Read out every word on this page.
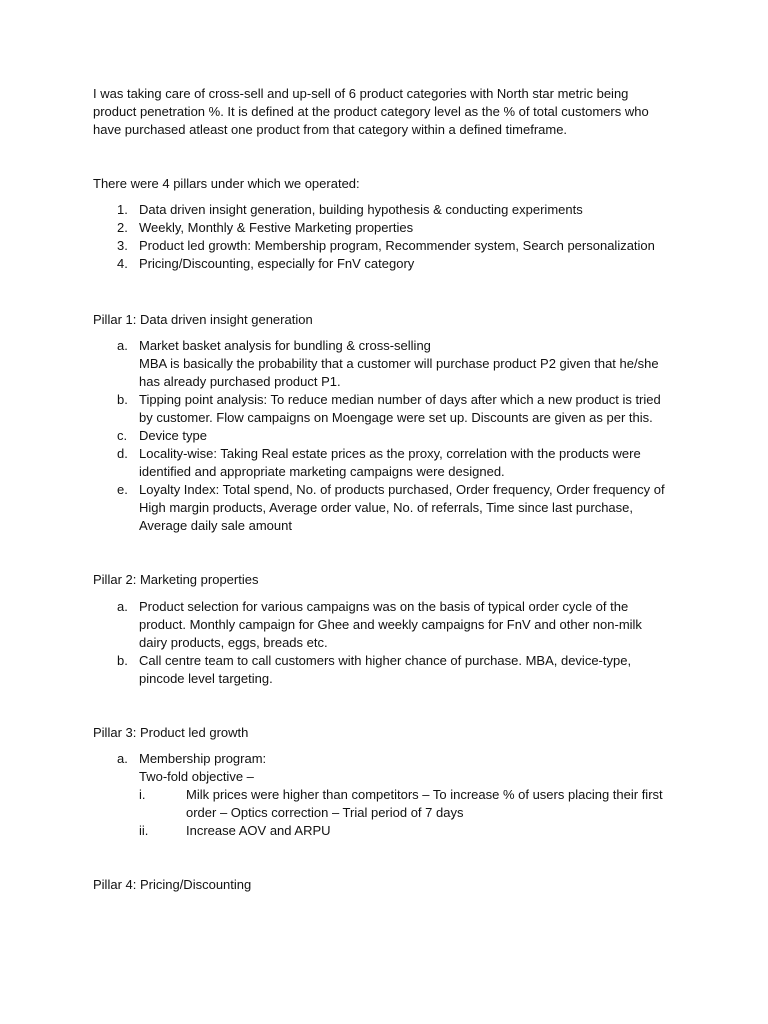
I was taking care of cross-sell and up-sell of 6 product categories with North star metric being

product penetration %. It is defined at the product category level as the % of total customers who

have purchased atleast one product from that category within a defined timeframe.

There were 4 pillars under which we operated:

1. Data driven insight generation, building hypothesis & conducting experiments
2. Weekly, Monthly & Festive Marketing properties
3. Product led growth: Membership program, Recommender system, Search personalization
4. Pricing/Discounting, especially for FnV category

Pillar 1: Data driven insight generation

a. Market basket analysis for bundling & cross-selling

MBA is basically the probability that a customer will purchase product P2 given that he/she

has already purchased product P1.

b. Tipping point analysis: To reduce median number of days after which a new product is tried

by customer. Flow campaigns on Moengage were set up. Discounts are given as per this.

c. Device type

d. Locality-wise: Taking Real estate prices as the proxy, correlation with the products were

identified and appropriate marketing campaigns were designed.

e. Loyalty Index: Total spend, No. of products purchased, Order frequency, Order frequency of

High margin products, Average order value, No. of referrals, Time since last purchase,

Average daily sale amount

Pillar 2: Marketing properties

a. Product selection for various campaigns was on the basis of typical order cycle of the

product. Monthly campaign for Ghee and weekly campaigns for FnV and other non-milk

dairy products, eggs, breads etc.

b. Call centre team to call customers with higher chance of purchase. MBA, device-type,

pincode level targeting.

Pillar 3: Product led growth

a. Membership program:

Two-fold objective –

i.	Milk prices were higher than competitors – To increase % of users placing their first

order – Optics correction – Trial period of 7 days

ii.	Increase AOV and ARPU

Pillar 4: Pricing/Discounting
